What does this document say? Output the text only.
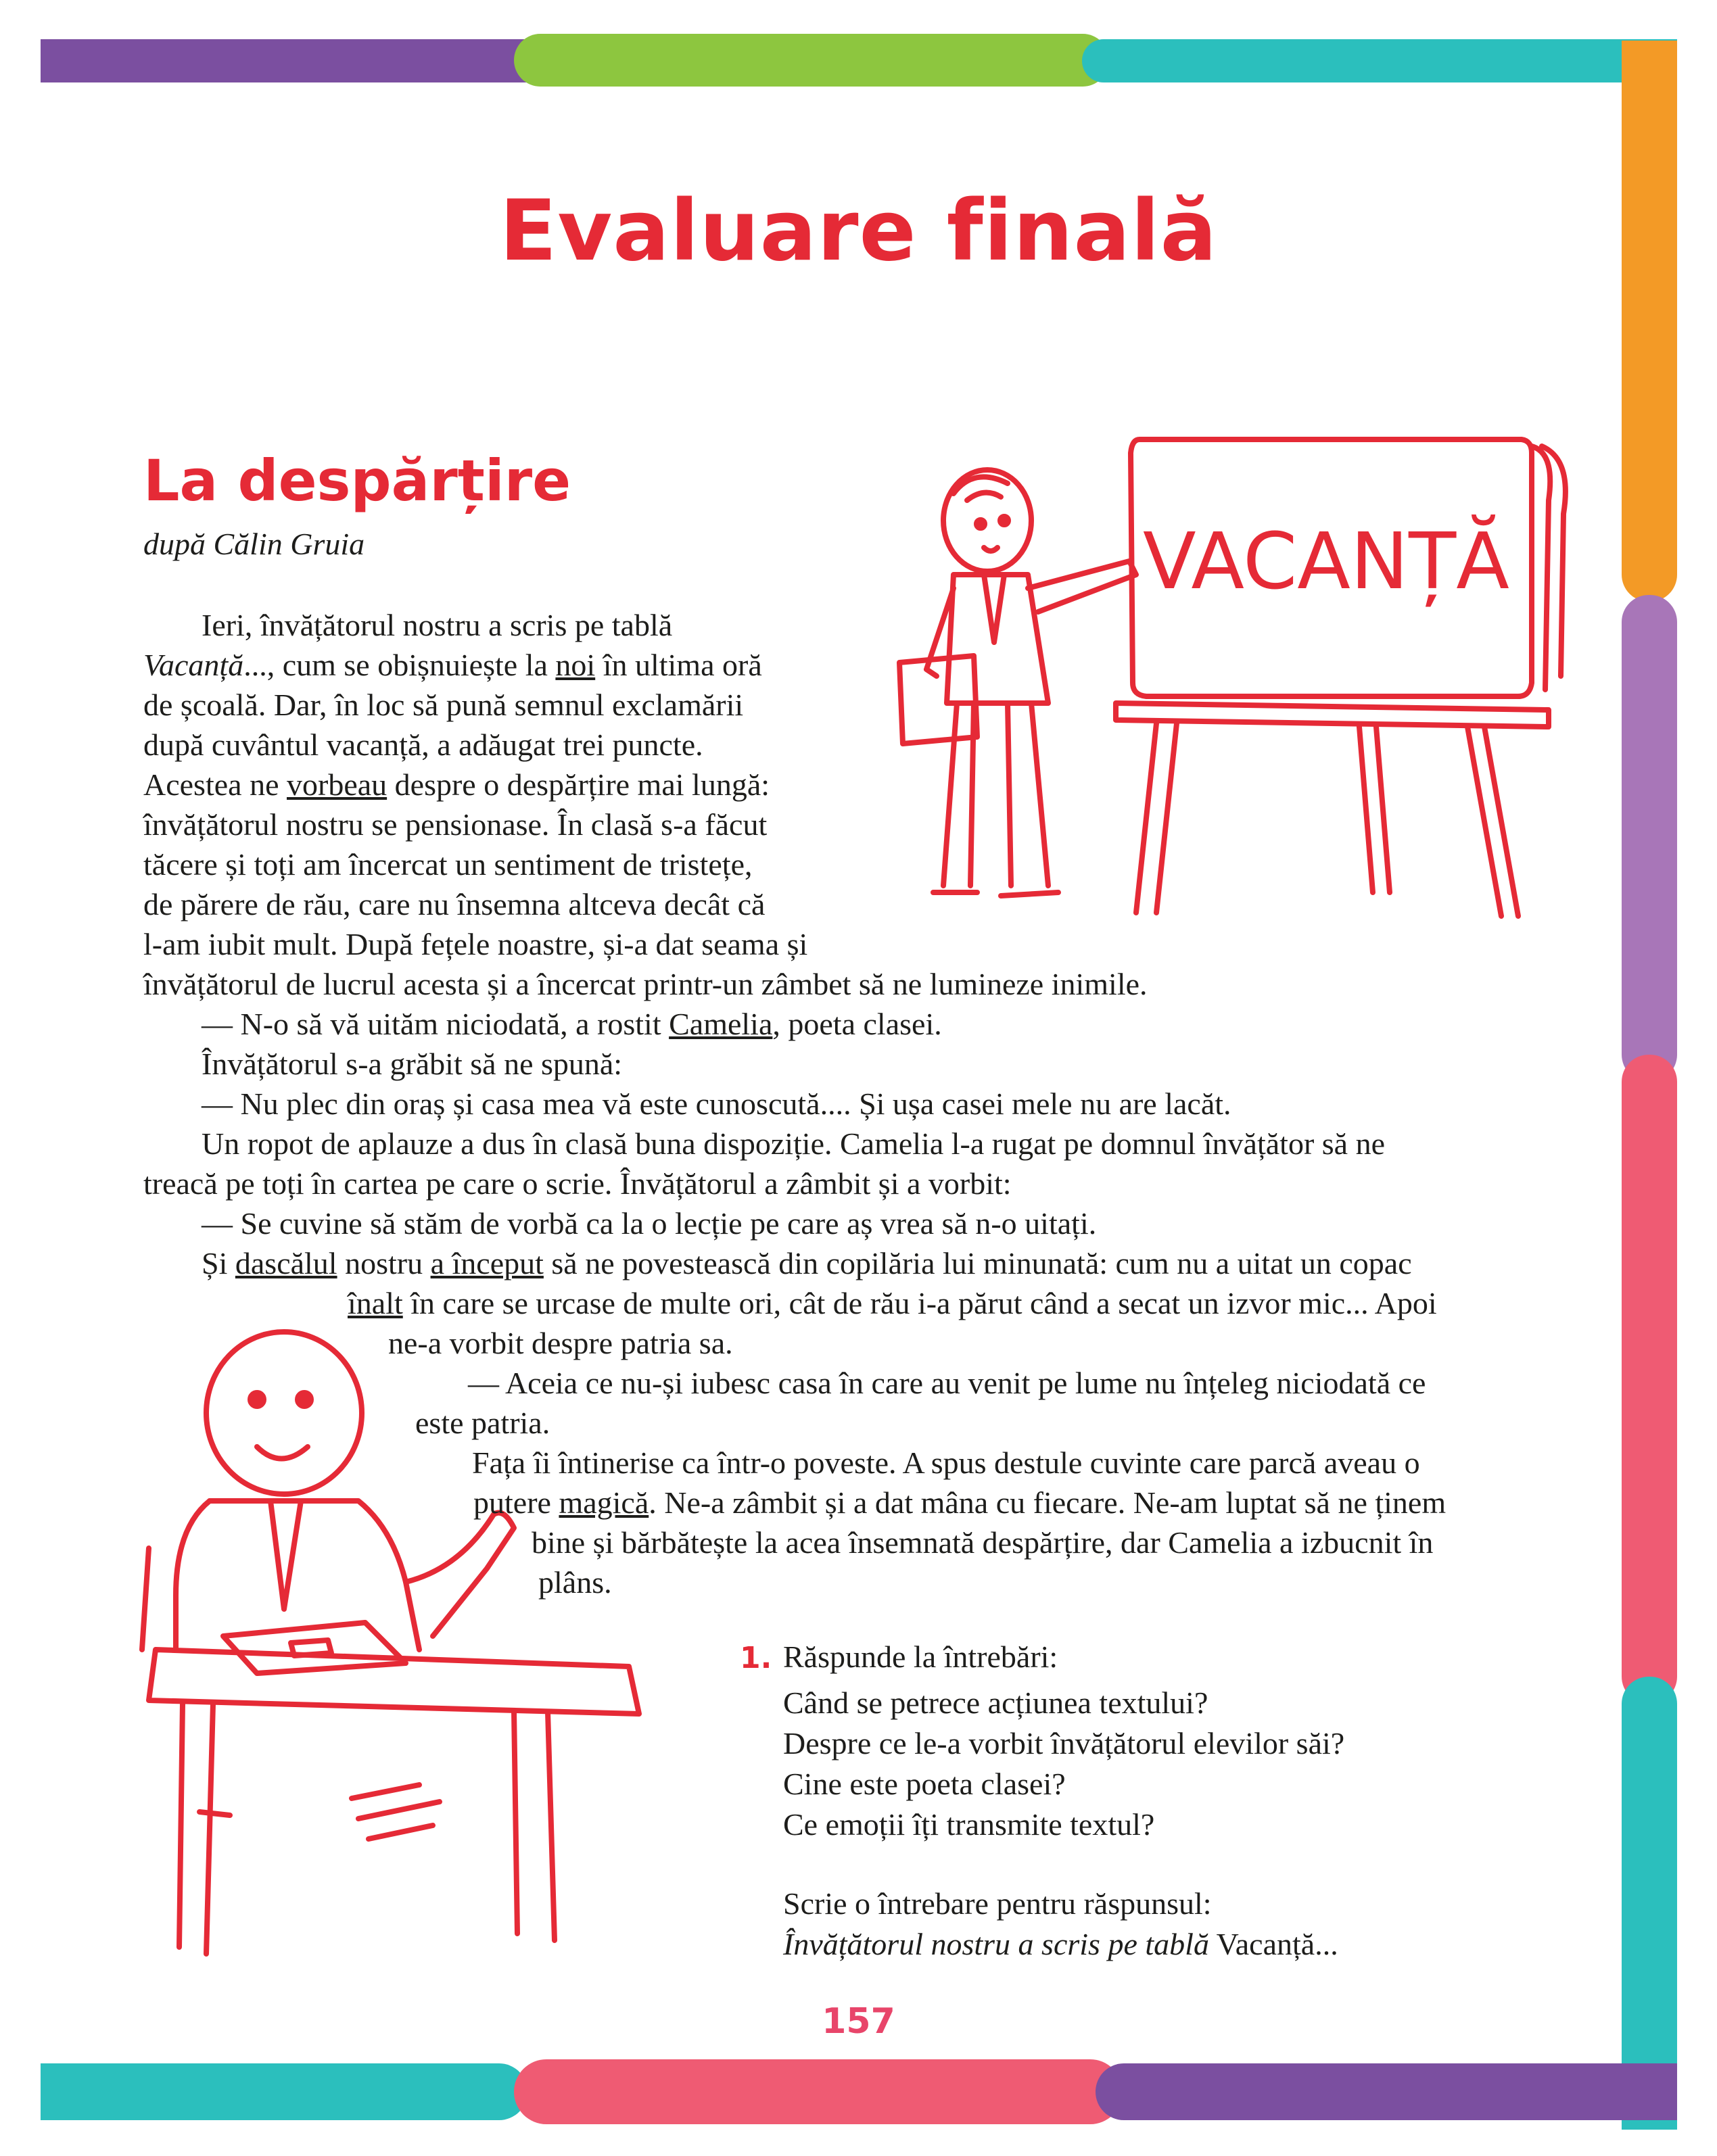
Evaluare finală
La despărțire
după Călin Gruia	VACANȚĂ
Ieri, învățătorul nostru a scris pe tablă
Vacanță..., cum se obișnuiește la noi în ultima oră
de școală. Dar, în loc să pună semnul exclamării
după cuvântul vacanță, a adăugat trei puncte.
Acestea ne vorbeau despre o despărțire mai lungă:
învățătorul nostru se pensionase. În clasă s-a făcut
tăcere și toți am încercat un sentiment de tristețe,
de părere de rău, care nu însemna altceva decât că
l-am iubit mult. După fețele noastre, și-a dat seama și
învățătorul de lucrul acesta și a încercat printr-un zâmbet să ne lumineze inimile.
— N-o să vă uităm niciodată, a rostit Camelia, poeta clasei.
Învățătorul s-a grăbit să ne spună:
— Nu plec din oraș și casa mea vă este cunoscută.... Și ușa casei mele nu are lacăt.
Un ropot de aplauze a dus în clasă buna dispoziție. Camelia l-a rugat pe domnul învățător să ne
treacă pe toți în cartea pe care o scrie. Învățătorul a zâmbit și a vorbit:
— Se cuvine să stăm de vorbă ca la o lecție pe care aș vrea să n-o uitați.
Și dascălul nostru a început să ne povestească din copilăria lui minunată: cum nu a uitat un copac
înalt în care se urcase de multe ori, cât de rău i-a părut când a secat un izvor mic... Apoi
ne-a vorbit despre patria sa.
— Aceia ce nu-și iubesc casa în care au venit pe lume nu înțeleg niciodată ce
este patria.
Fața îi întinerise ca într-o poveste. A spus destule cuvinte care parcă aveau o
putere magică. Ne-a zâmbit și a dat mâna cu fiecare. Ne-am luptat să ne ținem
bine și bărbătește la acea însemnată despărțire, dar Camelia a izbucnit în
plâns.
1. Răspunde la întrebări:
Când se petrece acțiunea textului?
Despre ce le-a vorbit învățătorul elevilor săi?
Cine este poeta clasei?
Ce emoții îți transmite textul?
Scrie o întrebare pentru răspunsul:
Învățătorul nostru a scris pe tablă Vacanță...
157
